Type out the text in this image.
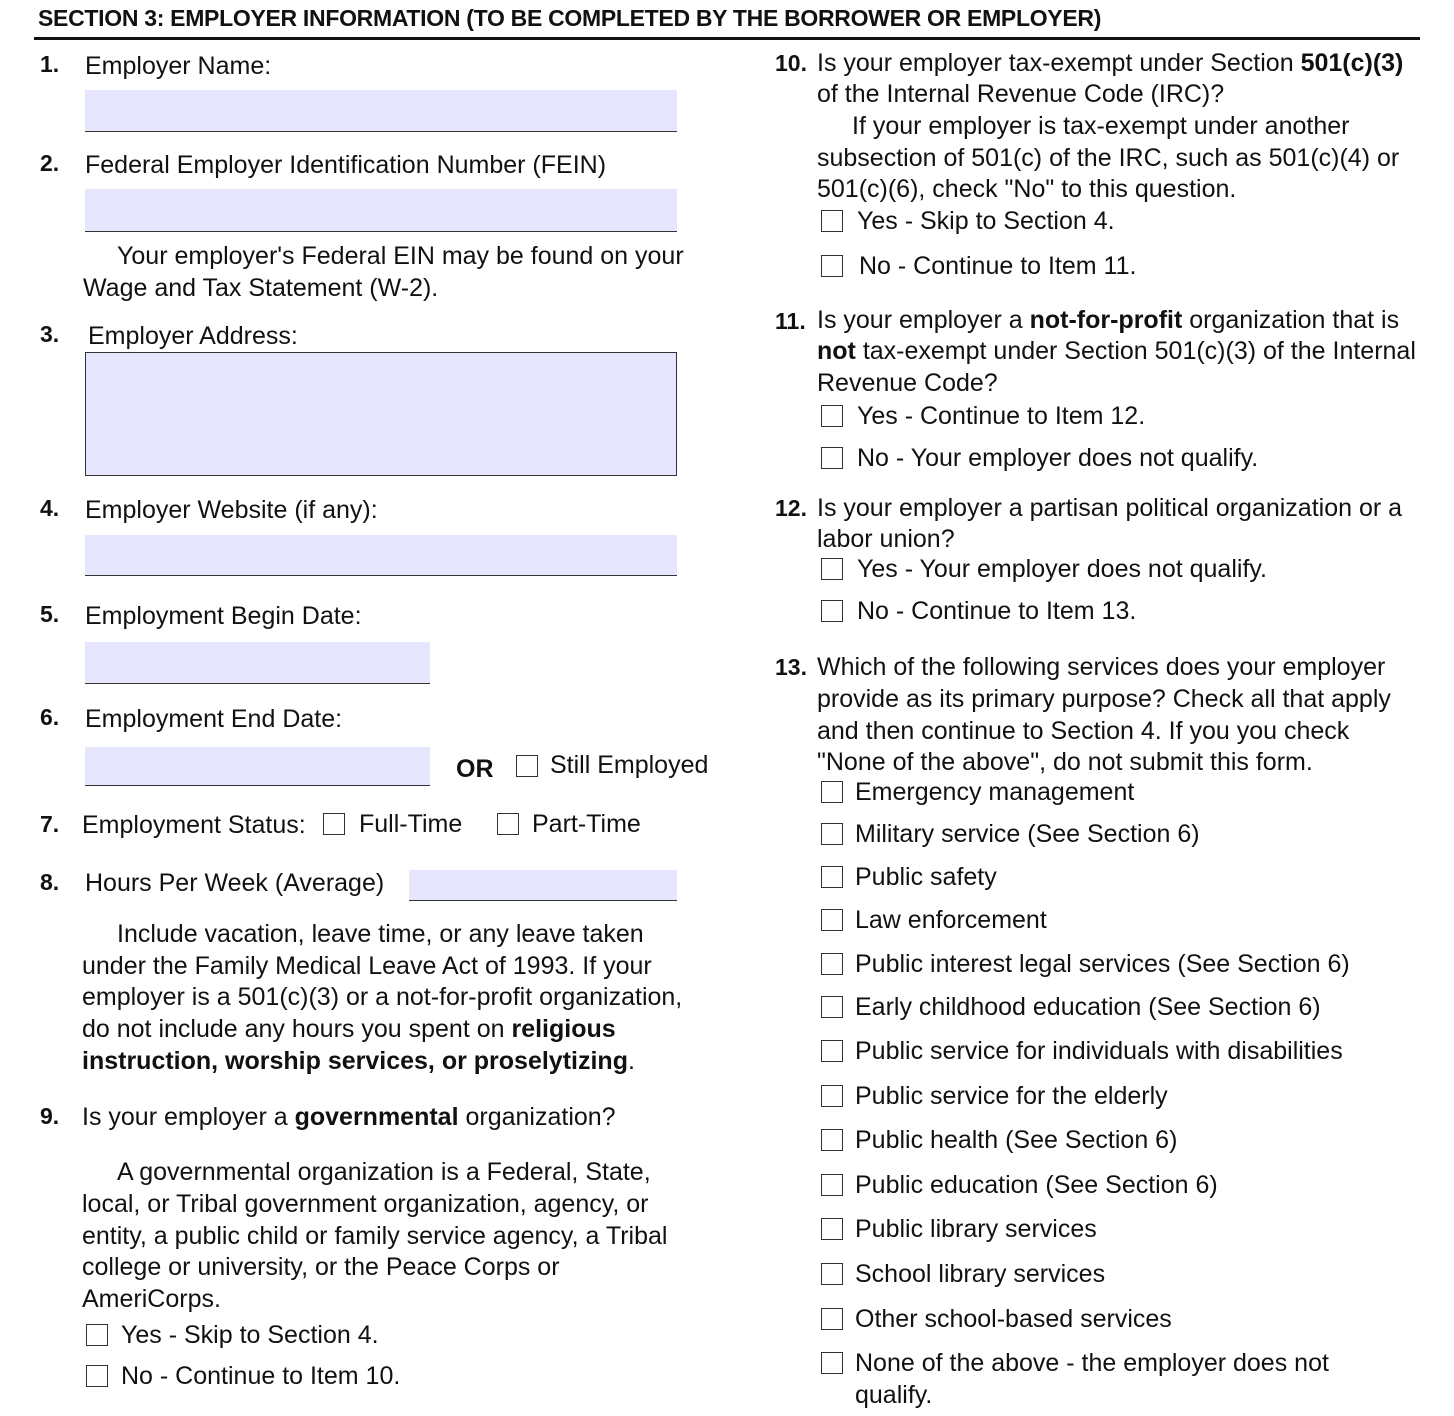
SECTION 3: EMPLOYER INFORMATION (TO BE COMPLETED BY THE BORROWER OR EMPLOYER)
1. Employer Name:
2. Federal Employer Identification Number (FEIN)
Your employer's Federal EIN may be found on your
Wage and Tax Statement (W-2).
3. Employer Address:
4. Employer Website (if any):
5. Employment Begin Date:
6. Employment End Date:
OR Still Employed
7. Employment Status: Full-Time	Part-Time
8. Hours Per Week (Average)
Include vacation, leave time, or any leave taken
under the Family Medical Leave Act of 1993. If your
employer is a 501(c)(3) or a not-for-profit organization,
do not include any hours you spent on religious
instruction, worship services, or proselytizing.
9. Is your employer a governmental organization?
A governmental organization is a Federal, State,
local, or Tribal government organization, agency, or
entity, a public child or family service agency, a Tribal
college or university, or the Peace Corps or
AmeriCorps.
Yes - Skip to Section 4.
No - Continue to Item 10.
10. Is your employer tax-exempt under Section 501(c)(3)
of the Internal Revenue Code (IRC)?
If your employer is tax-exempt under another
subsection of 501(c) of the IRC, such as 501(c)(4) or
501(c)(6), check "No" to this question.
Yes - Skip to Section 4.
No - Continue to Item 11.
11. Is your employer a not-for-profit organization that is
not tax-exempt under Section 501(c)(3) of the Internal
Revenue Code?
Yes - Continue to Item 12.
No - Your employer does not qualify.
12. Is your employer a partisan political organization or a
labor union?
Yes - Your employer does not qualify.
No - Continue to Item 13.
13. Which of the following services does your employer
provide as its primary purpose? Check all that apply
and then continue to Section 4. If you you check
"None of the above", do not submit this form.
Emergency management
Military service (See Section 6)
Public safety
Law enforcement
Public interest legal services (See Section 6)
Early childhood education (See Section 6)
Public service for individuals with disabilities
Public service for the elderly
Public health (See Section 6)
Public education (See Section 6)
Public library services
School library services
Other school-based services
None of the above - the employer does not
qualify.
